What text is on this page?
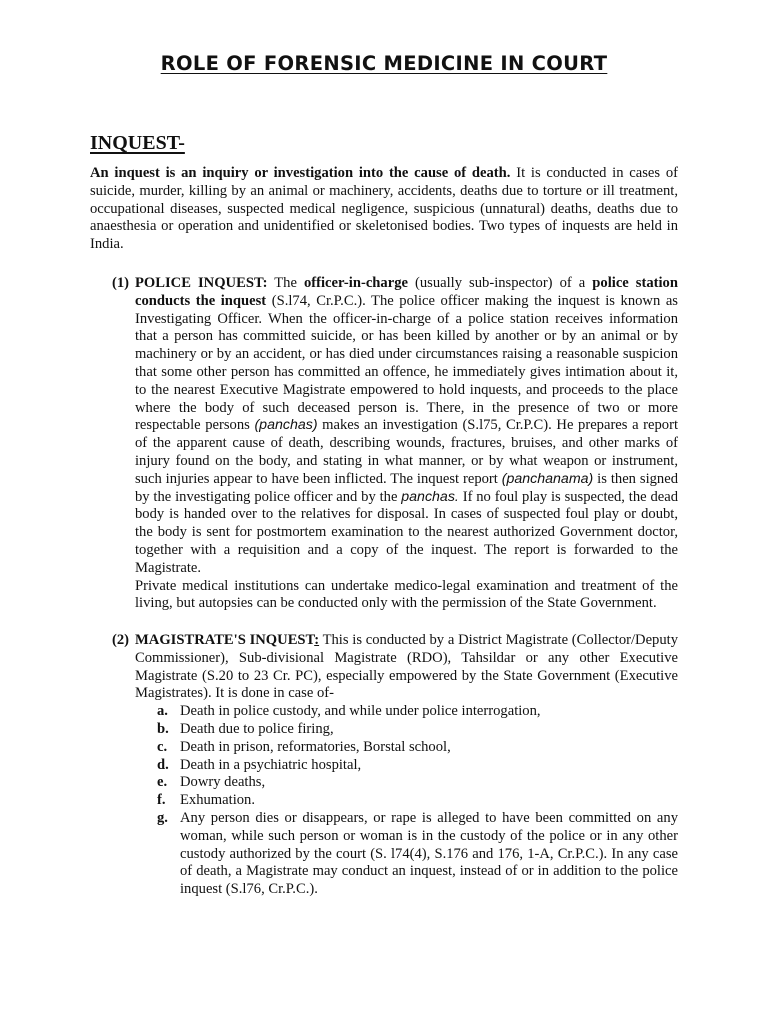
ROLE OF FORENSIC MEDICINE IN COURT
INQUEST-

An inquest is an inquiry or investigation into the cause of death. It is conducted in cases of suicide, murder, killing by an animal or machinery, accidents, deaths due to torture or ill treatment, occupational diseases, suspected medical negligence, suspicious (unnatural) deaths, deaths due to anaesthesia or operation and unidentified or skeletonised bodies. Two types of inquests are held in India.

(1) POLICE INQUEST: The officer-in-charge (usually sub-inspector) of a police station conducts the inquest (S.l74, Cr.P.C.). The police officer making the inquest is known as Investigating Officer. When the officer-in-charge of a police station receives information that a person has committed suicide, or has been killed by another or by an animal or by machinery or by an accident, or has died under circumstances raising a reasonable suspicion that some other person has committed an offence, he immediately gives intimation about it, to the nearest Executive Magistrate empowered to hold inquests, and proceeds to the place where the body of such deceased person is. There, in the presence of two or more respectable persons (panchas) makes an investigation (S.l75, Cr.P.C). He prepares a report of the apparent cause of death, describing wounds, fractures, bruises, and other marks of injury found on the body, and stating in what manner, or by what weapon or instrument, such injuries appear to have been inflicted. The inquest report (panchanama) is then signed by the investigating police officer and by the panchas. If no foul play is suspected, the dead body is handed over to the relatives for disposal. In cases of suspected foul play or doubt, the body is sent for postmortem examination to the nearest authorized Government doctor, together with a requisition and a copy of the inquest. The report is forwarded to the Magistrate.

Private medical institutions can undertake medico-legal examination and treatment of the living, but autopsies can be conducted only with the permission of the State Government.

(2) MAGISTRATE'S INQUEST: This is conducted by a District Magistrate (Collector/Deputy Commissioner), Sub-divisional Magistrate (RDO), Tahsildar or any other Executive Magistrate (S.20 to 23 Cr. PC), especially empowered by the State Government (Executive Magistrates). It is done in case of-

a. Death in police custody, and while under police interrogation,
b. Death due to police firing,
c. Death in prison, reformatories, Borstal school,
d. Death in a psychiatric hospital,
e. Dowry deaths,
f. Exhumation.
g. Any person dies or disappears, or rape is alleged to have been committed on any woman, while such person or woman is in the custody of the police or in any other custody authorized by the court (S. l74(4), S.176 and 176, 1-A, Cr.P.C.). In any case of death, a Magistrate may conduct an inquest, instead of or in addition to the police inquest (S.l76, Cr.P.C.).
